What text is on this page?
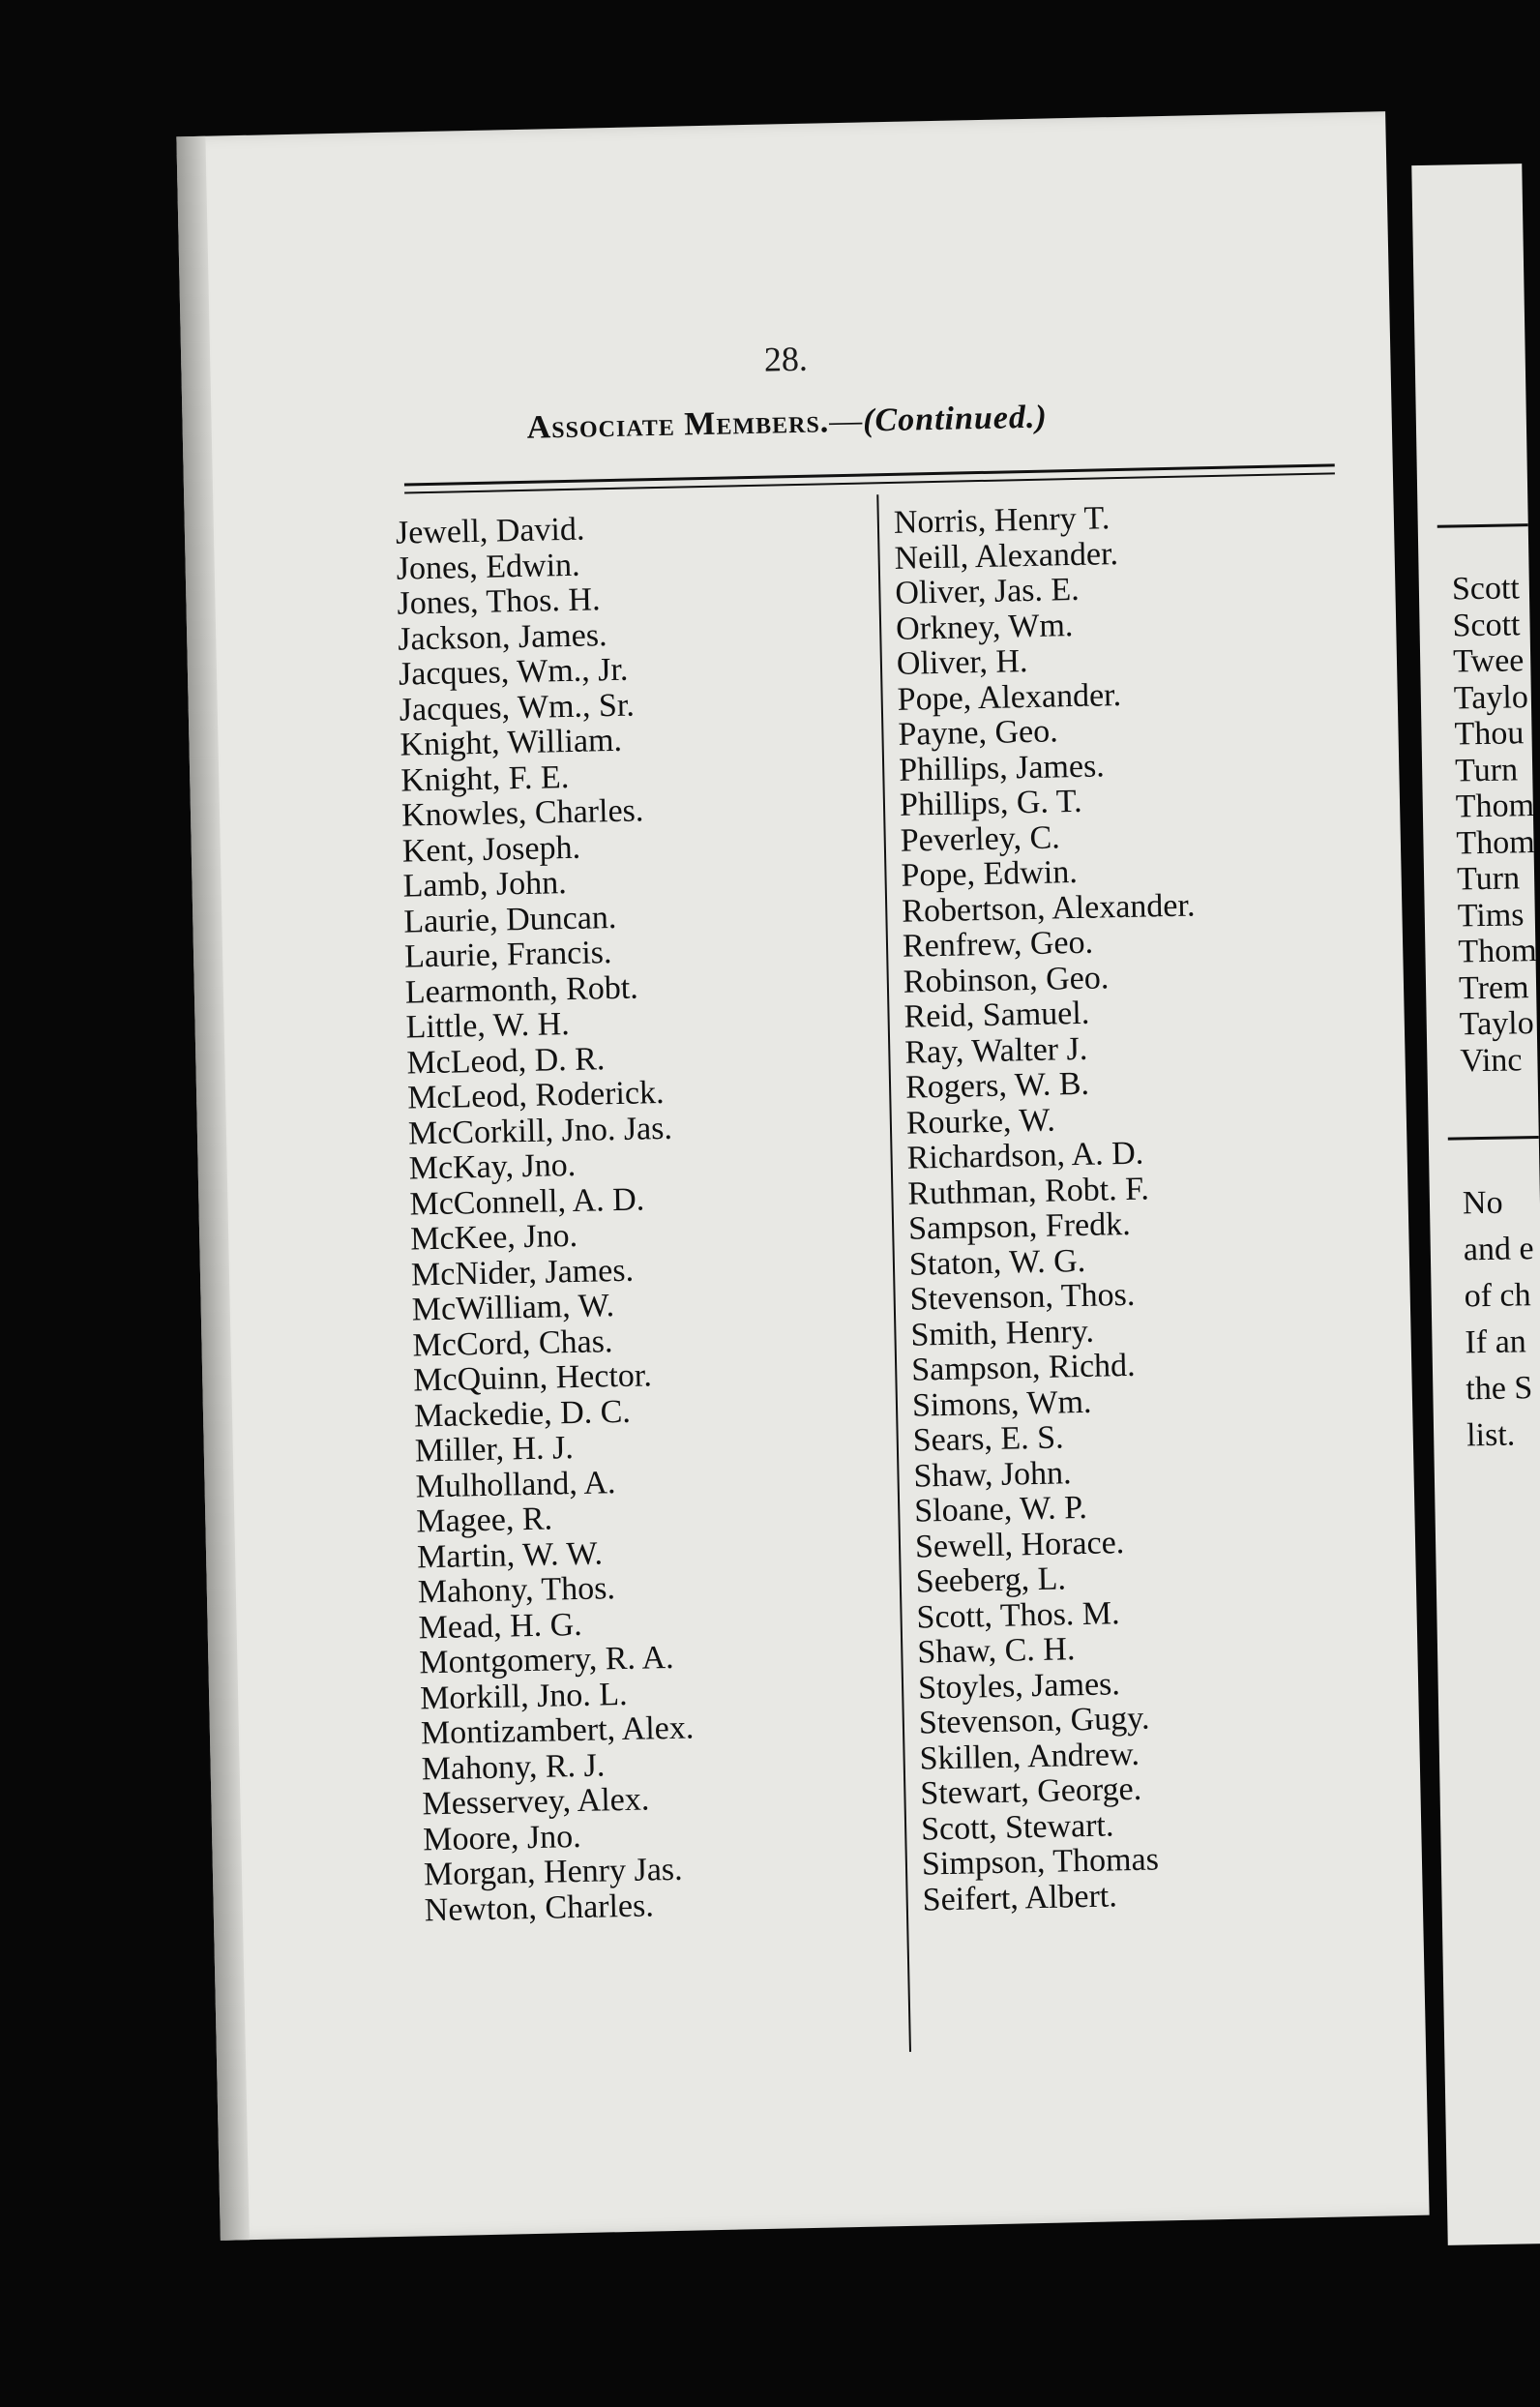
28.
Associate Members.—(Continued.)
Jewell, David.
Jones, Edwin.
Jones, Thos. H.
Jackson, James.
Jacques, Wm., Jr.
Jacques, Wm., Sr.
Knight, William.
Knight, F. E.
Knowles, Charles.
Kent, Joseph.
Lamb, John.
Laurie, Duncan.
Laurie, Francis.
Learmonth, Robt.
Little, W. H.
McLeod, D. R.
McLeod, Roderick.
McCorkill, Jno. Jas.
McKay, Jno.
McConnell, A. D.
McKee, Jno.
McNider, James.
McWilliam, W.
McCord, Chas.
McQuinn, Hector.
Mackedie, D. C.
Miller, H. J.
Mulholland, A.
Magee, R.
Martin, W. W.
Mahony, Thos.
Mead, H. G.
Montgomery, R. A.
Morkill, Jno. L.
Montizambert, Alex.
Mahony, R. J.
Messervey, Alex.
Moore, Jno.
Morgan, Henry Jas.
Newton, Charles.
Norris, Henry T.
Neill, Alexander.
Oliver, Jas. E.
Orkney, Wm.
Oliver, H.
Pope, Alexander.
Payne, Geo.
Phillips, James.
Phillips, G. T.
Peverley, C.
Pope, Edwin.
Robertson, Alexander.
Renfrew, Geo.
Robinson, Geo.
Reid, Samuel.
Ray, Walter J.
Rogers, W. B.
Rourke, W.
Richardson, A. D.
Ruthman, Robt. F.
Sampson, Fredk.
Staton, W. G.
Stevenson, Thos.
Smith, Henry.
Sampson, Richd.
Simons, Wm.
Sears, E. S.
Shaw, John.
Sloane, W. P.
Sewell, Horace.
Seeberg, L.
Scott, Thos. M.
Shaw, C. H.
Stoyles, James.
Stevenson, Gugy.
Skillen, Andrew.
Stewart, George.
Scott, Stewart.
Simpson, Thomas
Seifert, Albert.
Scott
Scott
Twee
Taylo
Thou
Turn
Thom
Thom
Turn
Tims
Thom
Trem
Taylo
Vinc
No
and e
of ch
If an
the S
list.
